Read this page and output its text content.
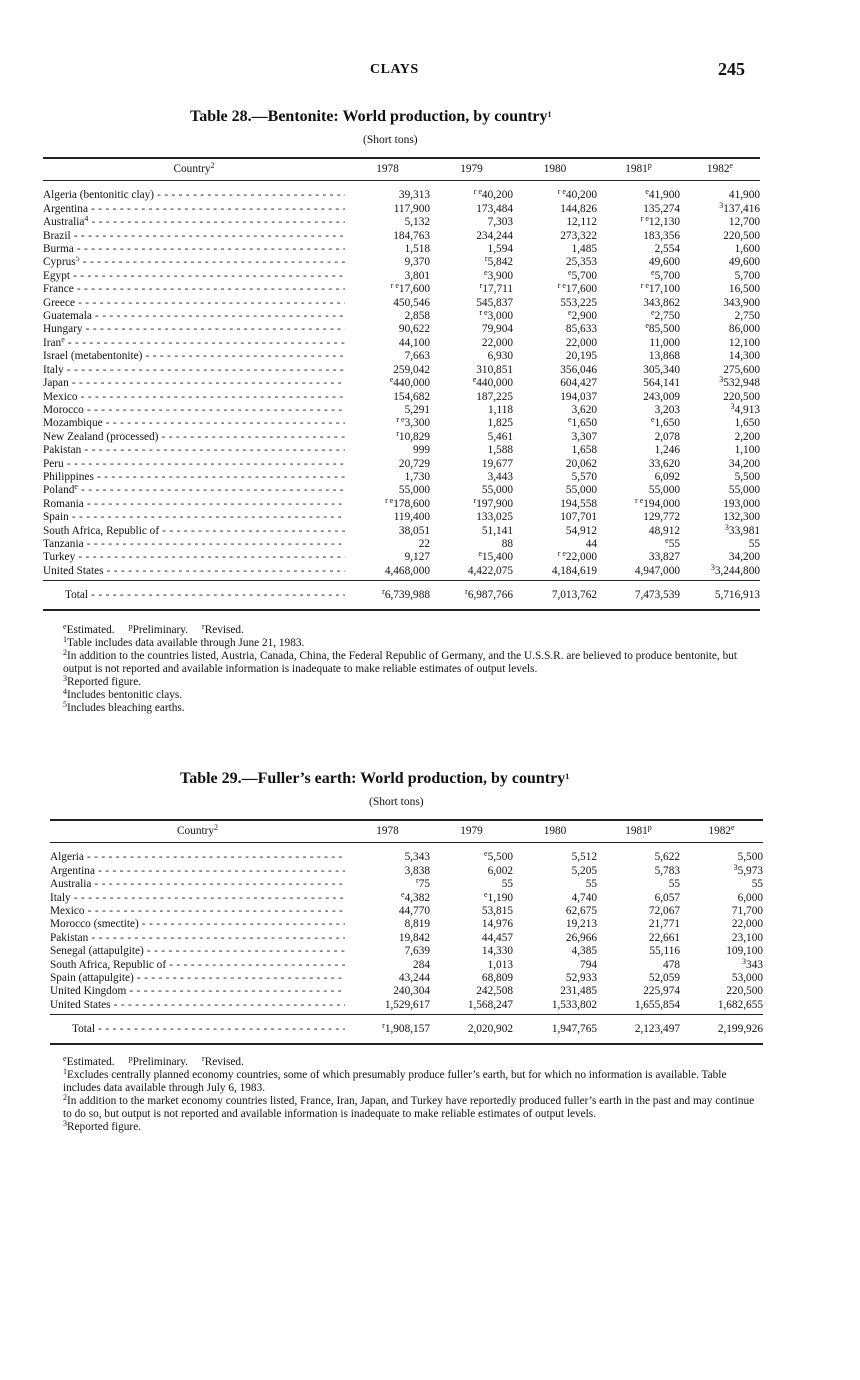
CLAYS	245
Table 28.—Bentonite: World production, by country$^1$
(Short tons)
Country$^2$	1978	1979	1980	1981$^p$	1982e

Algeria (bentonitic clay) - - -	39,313	$^{r e}$40,200	$^{r e}$40,200	$^e$41,900	41,900
Argentina - - -	117,900	173,484	144,826	135,274	$^3$137,416
Australia$^4$ - - -	5,132	7,303	12,112	$^{r e}$12,130	12,700
Brazil - - -	184,763	234,244	273,322	183,356	220,500
Burma - - -	1,518	1,594	1,485	2,554	1,600
Cyprus$^5$ - - -	9,370	$^r$5,842	25,353	49,600	49,600
Egypt - - -	3,801	$^e$3,900	$^e$5,700	$^e$5,700	5,700
France - - -	$^{r e}$17,600	$^r$17,711	$^{r e}$17,600	$^{r e}$17,100	16,500
Greece - - -	450,546	545,837	553,225	343,862	343,900
Guatemala - - -	2,858	$^{r e}$3,000	$^e$2,900	$^e$2,750	2,750
Hungary - - -	90,622	79,904	85,633	$^e$85,500	86,000
Iran$^e$ - - -	44,100	22,000	22,000	11,000	12,100
Israel (metabentonite) - - -	7,663	6,930	20,195	13,868	14,300
Italy - - -	259,042	310,851	356,046	305,340	275,600
Japan - - -	$^e$440,000	$^e$440,000	604,427	564,141	$^3$532,948
Mexico - - -	154,682	187,225	194,037	243,009	220,500
Morocco - - -	5,291	1,118	3,620	3,203	$^3$4,913
Mozambique - - -	$^{r e}$3,300	1,825	$^e$1,650	$^e$1,650	1,650
New Zealand (processed) - - -	$^r$10,829	5,461	3,307	2,078	2,200
Pakistan - - -	999	1,588	1,658	1,246	1,100
Peru - - -	20,729	19,677	20,062	33,620	34,200
Philippines - - -	1,730	3,443	5,570	6,092	5,500
Poland$^e$ - - -	55,000	55,000	55,000	55,000	55,000
Romania - - -	$^{r e}$178,600	$^r$197,900	194,558	$^{r e}$194,000	193,000
Spain - - -	119,400	133,025	107,701	129,772	132,300
South Africa, Republic of - - -	38,051	51,141	54,912	48,912	$^3$33,981
Tanzania - - -	22	88	44	$^e$55	55
Turkey - - -	9,127	$^e$15,400	$^{r e}$22,000	33,827	34,200
United States - - -	4,468,000	4,422,075	4,184,619	4,947,000	$^3$3,244,800
Total - - -	$^r$6,739,988	$^r$6,987,766	7,013,762	7,473,539	5,716,913

$^e$Estimated. $^p$Preliminary. $^r$Revised.

$^1$Table includes data available through June 21, 1983.

$^2$In addition to the countries listed, Austria, Canada, China, the Federal Republic of Germany, and the U.S.S.R. are believed to produce bentonite, but output is not reported and available information is inadequate to make reliable estimates of output levels.

$^3$Reported figure.

$^4$Includes bentonitic clays.

$^5$Includes bleaching earths.

Table 29.—Fuller’s earth: World production, by country$^1$
(Short tons)
Country$^2$	1978	1979	1980	1981$^p$	1982e

Algeria - - -	5,343	$^e$5,500	5,512	5,622	5,500
Argentina - - -	3,838	6,002	5,205	5,783	$^3$5,973
Australia - - -	$^r$75	55	55	55	55
Italy - - -	$^e$4,382	$^e$1,190	4,740	6,057	6,000
Mexico - - -	44,770	53,815	62,675	72,067	71,700
Morocco (smectite) - - -	8,819	14,976	19,213	21,771	22,000
Pakistan - - -	19,842	44,457	26,966	22,661	23,100
Senegal (attapulgite) - - -	7,639	14,330	4,385	55,116	109,100
South Africa, Republic of - - -	284	1,013	794	478	$^3$343
Spain (attapulgite) - - -	43,244	68,809	52,933	52,059	53,000
United Kingdom - - -	240,304	242,508	231,485	225,974	220,500
United States - - -	1,529,617	1,568,247	1,533,802	1,655,854	1,682,655
Total - - -	$^r$1,908,157	2,020,902	1,947,765	2,123,497	2,199,926

$^e$Estimated. $^p$Preliminary. $^r$Revised.

$^1$Excludes centrally planned economy countries, some of which presumably produce fuller’s earth, but for which no information is available. Table includes data available through July 6, 1983.

$^2$In addition to the market economy countries listed, France, Iran, Japan, and Turkey have reportedly produced fuller’s earth in the past and may continue to do so, but output is not reported and available information is inadequate to make reliable estimates of output levels.

$^3$Reported figure.
